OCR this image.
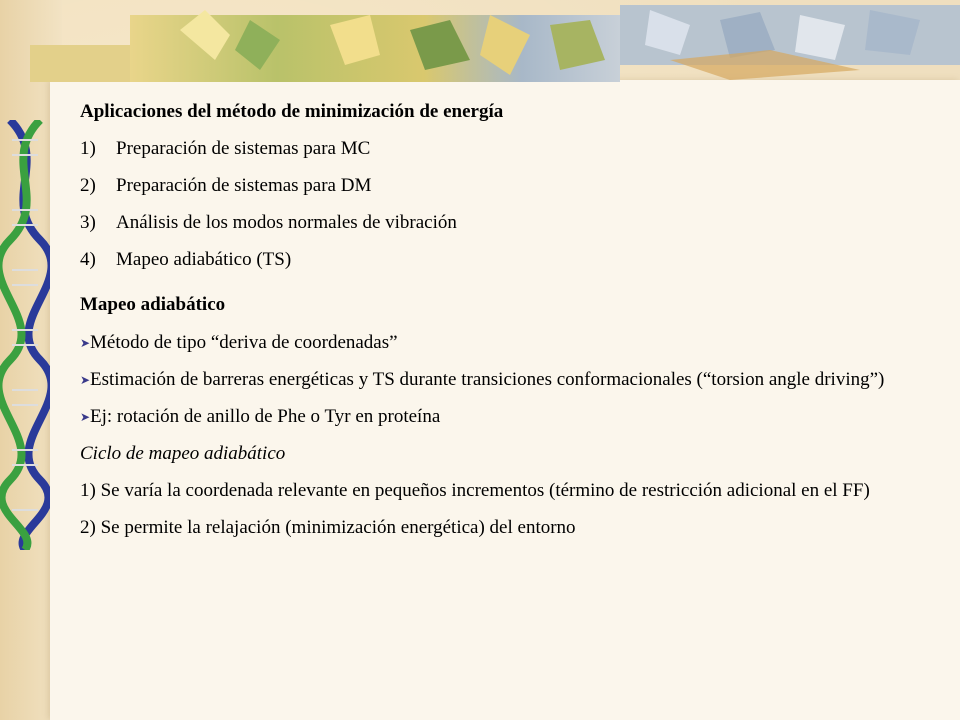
Aplicaciones del método de minimización de energía
1)	Preparación de sistemas para MC
2)	Preparación de sistemas para DM
3)	Análisis de los modos normales de vibración
4)	Mapeo adiabático (TS)
Mapeo adiabático
➤ Método de tipo “deriva de coordenadas”
➤ Estimación de barreras energéticas y TS durante transiciones conformacionales (“torsion angle driving”)
➤ Ej: rotación de anillo de Phe o Tyr en proteína
Ciclo de mapeo adiabático
1) Se varía la coordenada relevante en pequeños incrementos (término de restricción adicional en el FF)
2) Se permite la relajación (minimización energética) del entorno
